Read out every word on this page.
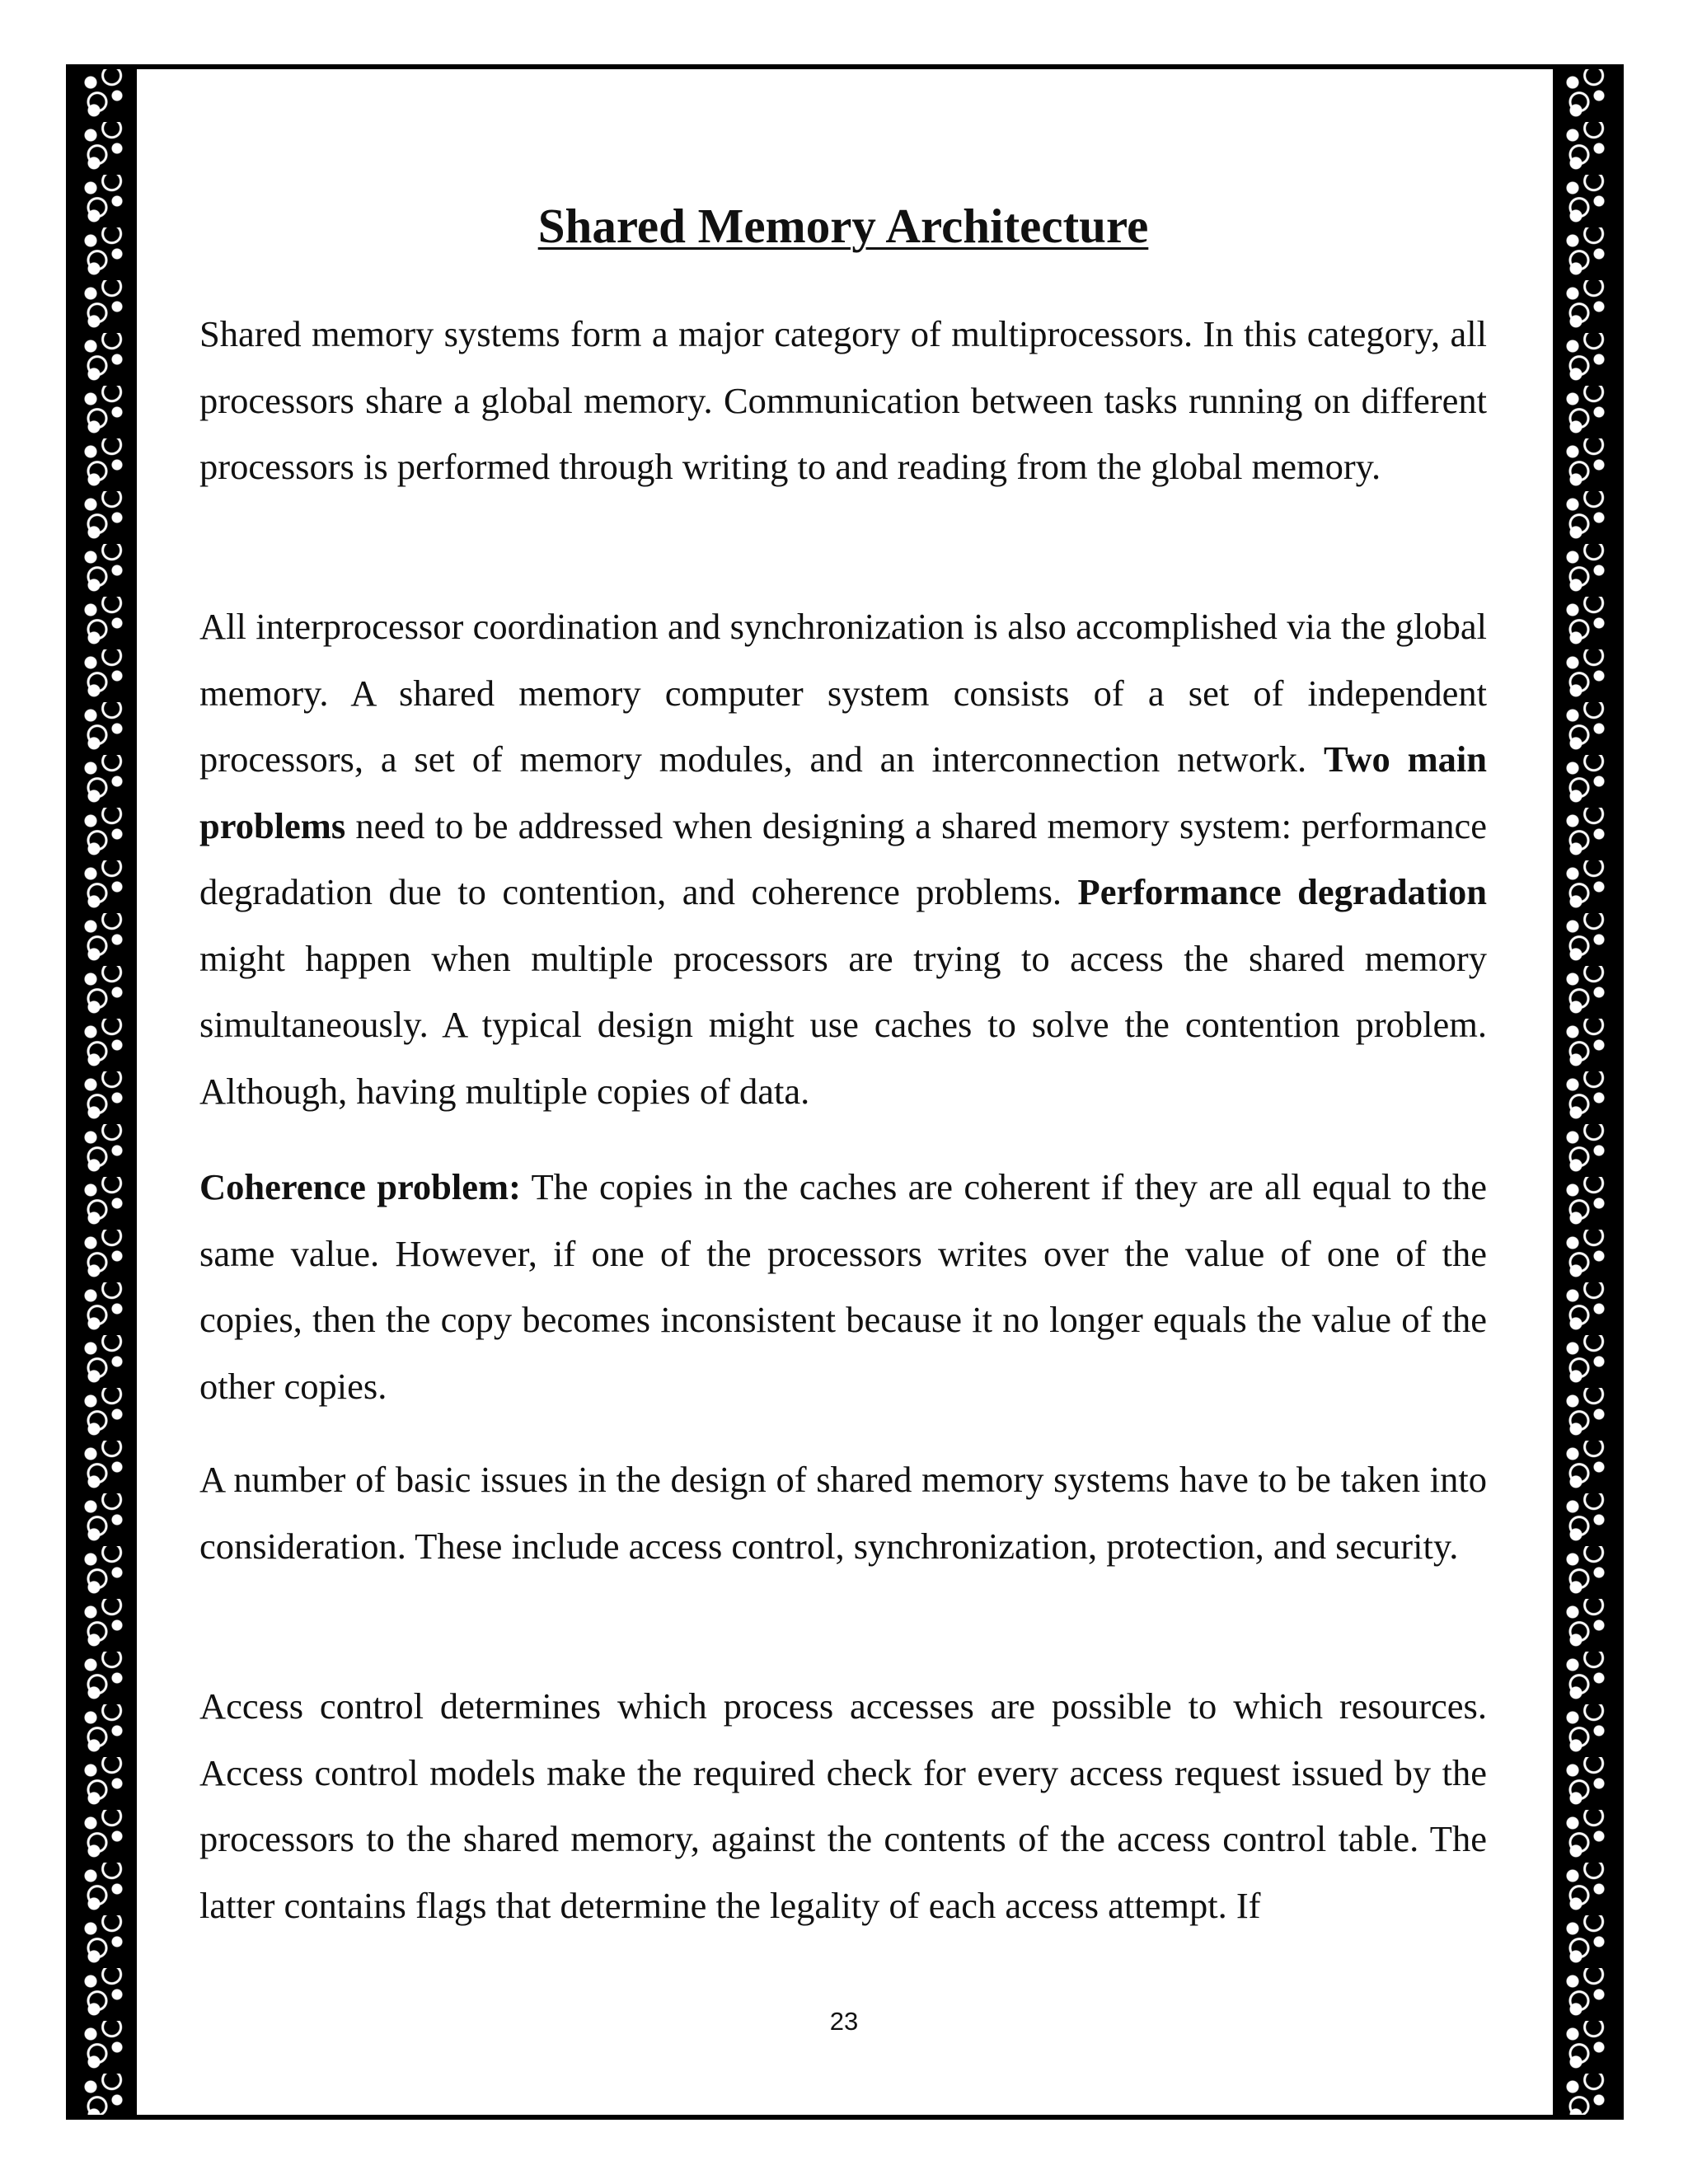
Shared Memory Architecture

Shared memory systems form a major category of multiprocessors. In this category, all processors share a global memory. Communication between tasks running on different processors is performed through writing to and reading from the global memory.

All interprocessor coordination and synchronization is also accomplished via the global memory. A shared memory computer system consists of a set of independent processors, a set of memory modules, and an interconnection network. Two main problems need to be addressed when designing a shared memory system: performance degradation due to contention, and coherence problems. Performance degradation might happen when multiple processors are trying to access the shared memory simultaneously. A typical design might use caches to solve the contention problem. Although, having multiple copies of data.

Coherence problem: The copies in the caches are coherent if they are all equal to the same value. However, if one of the processors writes over the value of one of the copies, then the copy becomes inconsistent because it no longer equals the value of the other copies.

A number of basic issues in the design of shared memory systems have to be taken into consideration. These include access control, synchronization, protection, and security.

Access control determines which process accesses are possible to which resources. Access control models make the required check for every access request issued by the processors to the shared memory, against the contents of the access control table. The latter contains flags that determine the legality of each access attempt. If

23
